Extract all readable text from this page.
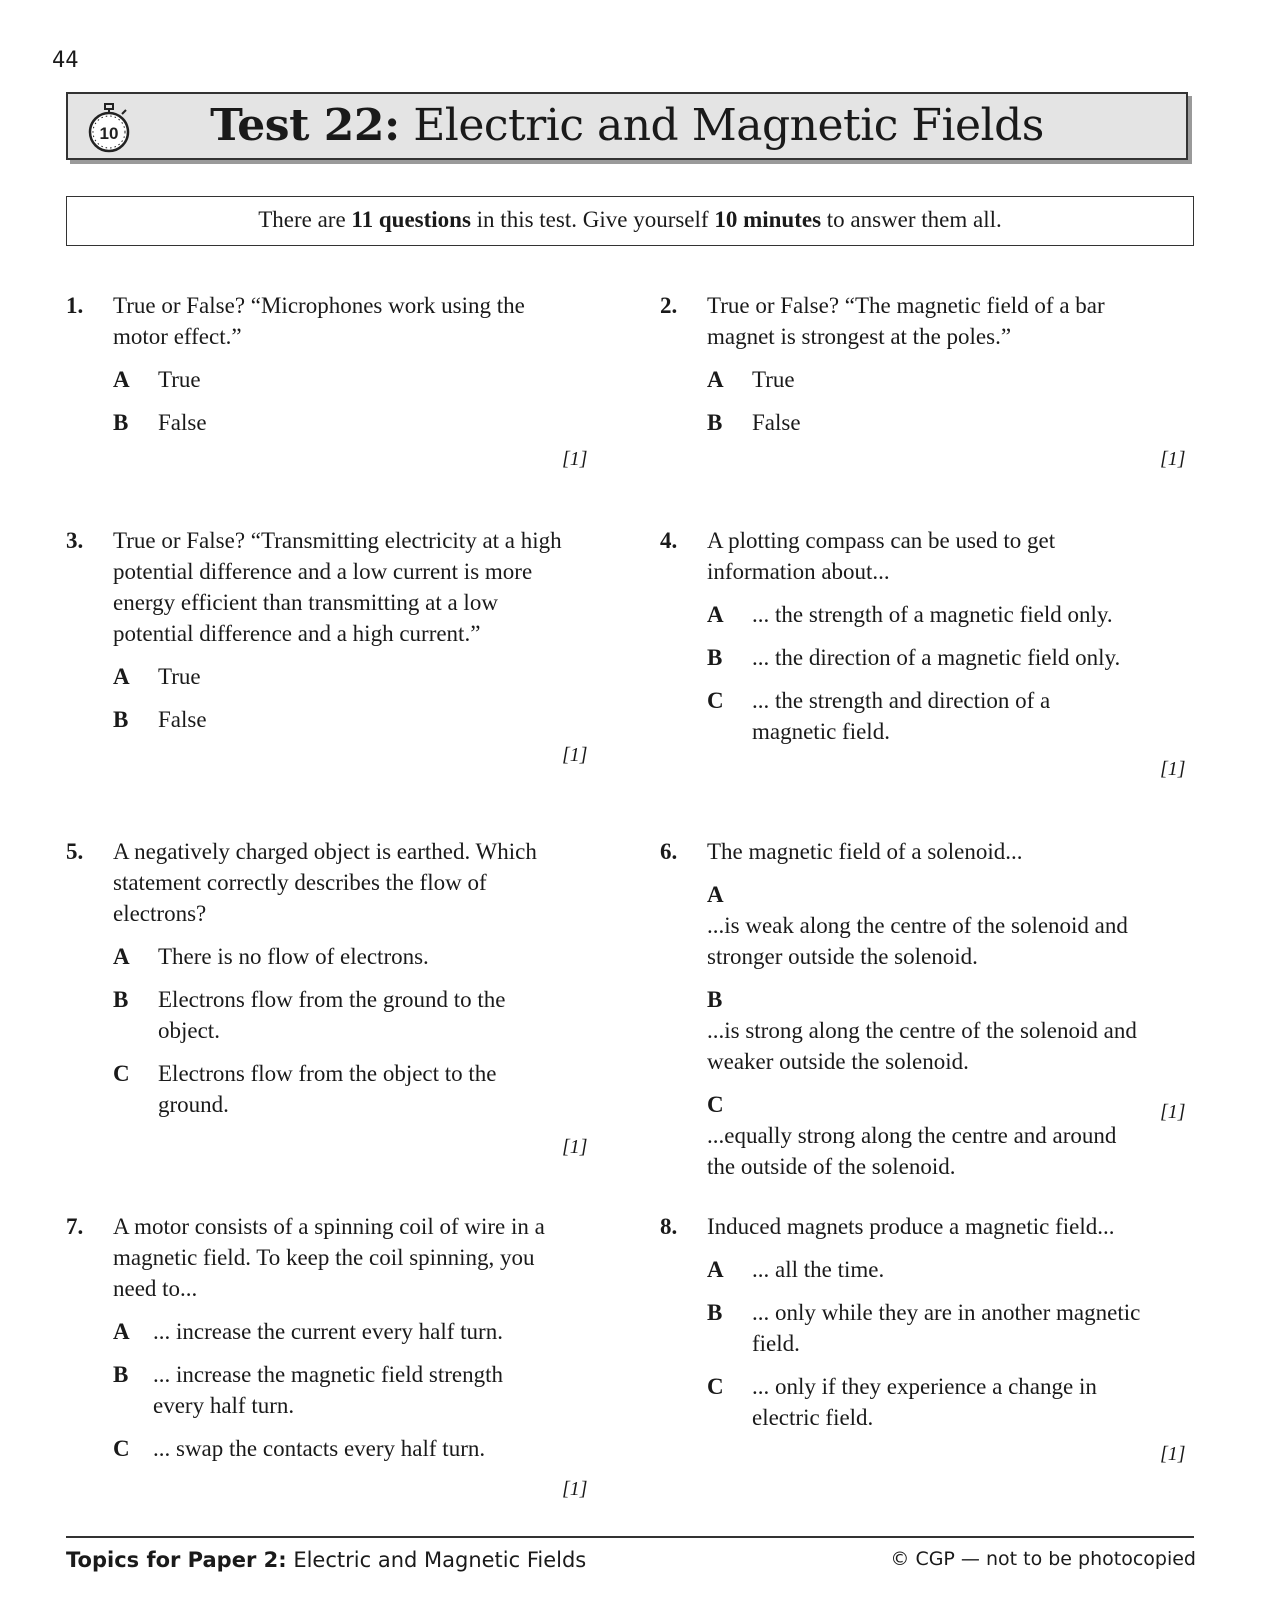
44
10	Test 22: Electric and Magnetic Fields
There are 11 questions in this test. Give yourself 10 minutes to answer them all.
1. True or False? “Microphones work using the motor effect.”
A	True
B	False
[1]
2. True or False? “The magnetic field of a bar magnet is strongest at the poles.”
A	True
B	False
[1]
3. True or False? “Transmitting electricity at a high potential difference and a low current is more energy efficient than transmitting at a low potential difference and a high current.”
A	True
B	False
[1]
4. A plotting compass can be used to get information about...
A	... the strength of a magnetic field only.
B	... the direction of a magnetic field only.
C	... the strength and direction of a magnetic field.
[1]
5. A negatively charged object is earthed. Which statement correctly describes the flow of electrons?
A	There is no flow of electrons.
B	Electrons flow from the ground to the object.
C	Electrons flow from the object to the ground.
[1]
6. The magnetic field of a solenoid...
A
...is weak along the centre of the solenoid and stronger outside the solenoid.
B
...is strong along the centre of the solenoid and weaker outside the solenoid.
C
...equally strong along the centre and around the outside of the solenoid.
[1]
7. A motor consists of a spinning coil of wire in a magnetic field. To keep the coil spinning, you need to...
A	... increase the current every half turn.
B	... increase the magnetic field strength every half turn.
C	... swap the contacts every half turn.
[1]
8. Induced magnets produce a magnetic field...
A	... all the time.
B	... only while they are in another magnetic field.
C	... only if they experience a change in electric field.
[1]
Topics for Paper 2: Electric and Magnetic Fields	© CGP — not to be photocopied
